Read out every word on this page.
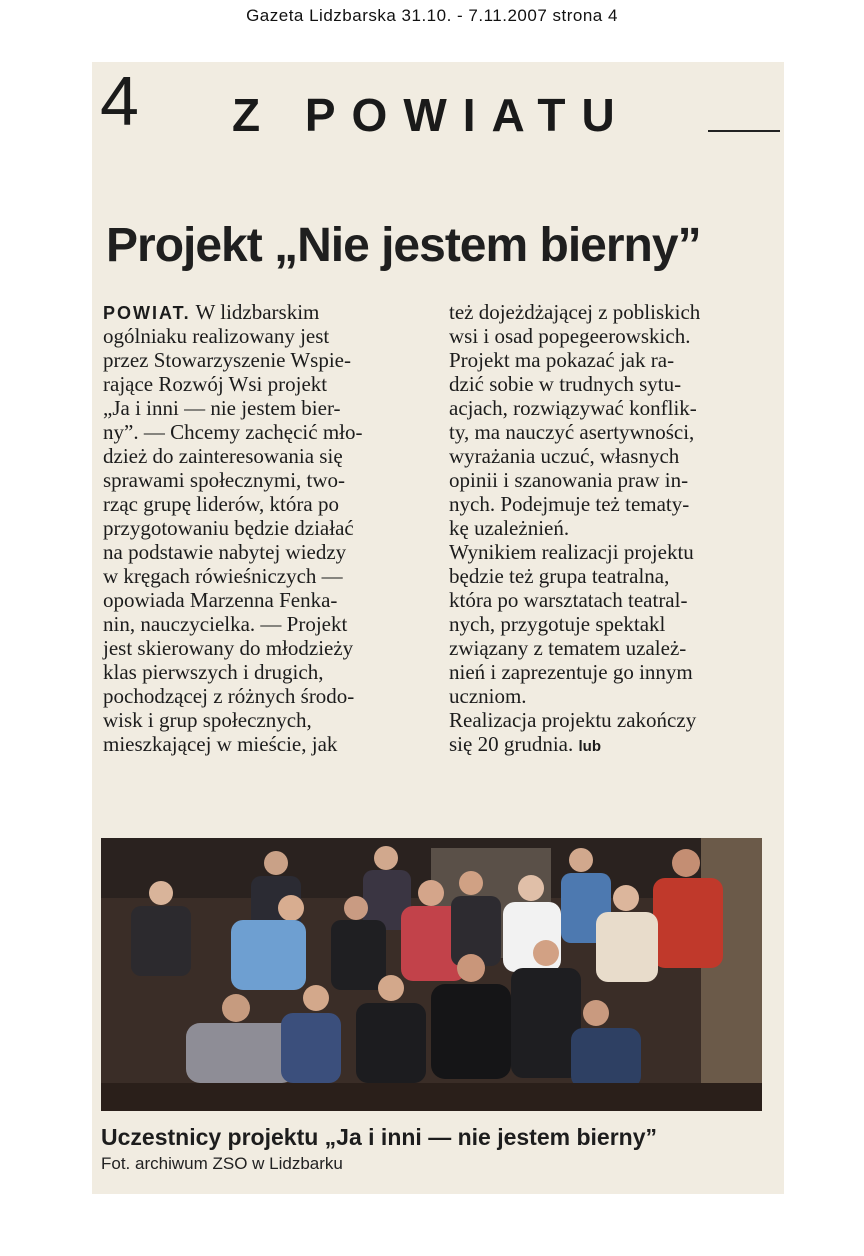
Gazeta Lidzbarska 31.10. - 7.11.2007 strona 4
4 Z POWIATU
Projekt „Nie jestem bierny”
POWIAT. W lidzbarskim
ogólniaku realizowany jest
przez Stowarzyszenie Wspie-
rające Rozwój Wsi projekt
„Ja i inni — nie jestem bier-
ny”. — Chcemy zachęcić mło-
dzież do zainteresowania się
sprawami społecznymi, two-
rząc grupę liderów, która po
przygotowaniu będzie działać
na podstawie nabytej wiedzy
w kręgach rówieśniczych —
opowiada Marzenna Fenka-
nin, nauczycielka. — Projekt
jest skierowany do młodzieży
klas pierwszych i drugich,
pochodzącej z różnych środo-
wisk i grup społecznych,
mieszkającej w mieście, jak
też dojeżdżającej z pobliskich
wsi i osad popegeerowskich.
Projekt ma pokazać jak ra-
dzić sobie w trudnych sytu-
acjach, rozwiązywać konflik-
ty, ma nauczyć asertywności,
wyrażania uczuć, własnych
opinii i szanowania praw in-
nych. Podejmuje też tematy-
kę uzależnień.
Wynikiem realizacji projektu
będzie też grupa teatralna,
która po warsztatach teatral-
nych, przygotuje spektakl
związany z tematem uzależ-
nień i zaprezentuje go innym
uczniom.
Realizacja projektu zakończy
się 20 grudnia. lub
Uczestnicy projektu „Ja i inni — nie jestem bierny”
Fot. archiwum ZSO w Lidzbarku
